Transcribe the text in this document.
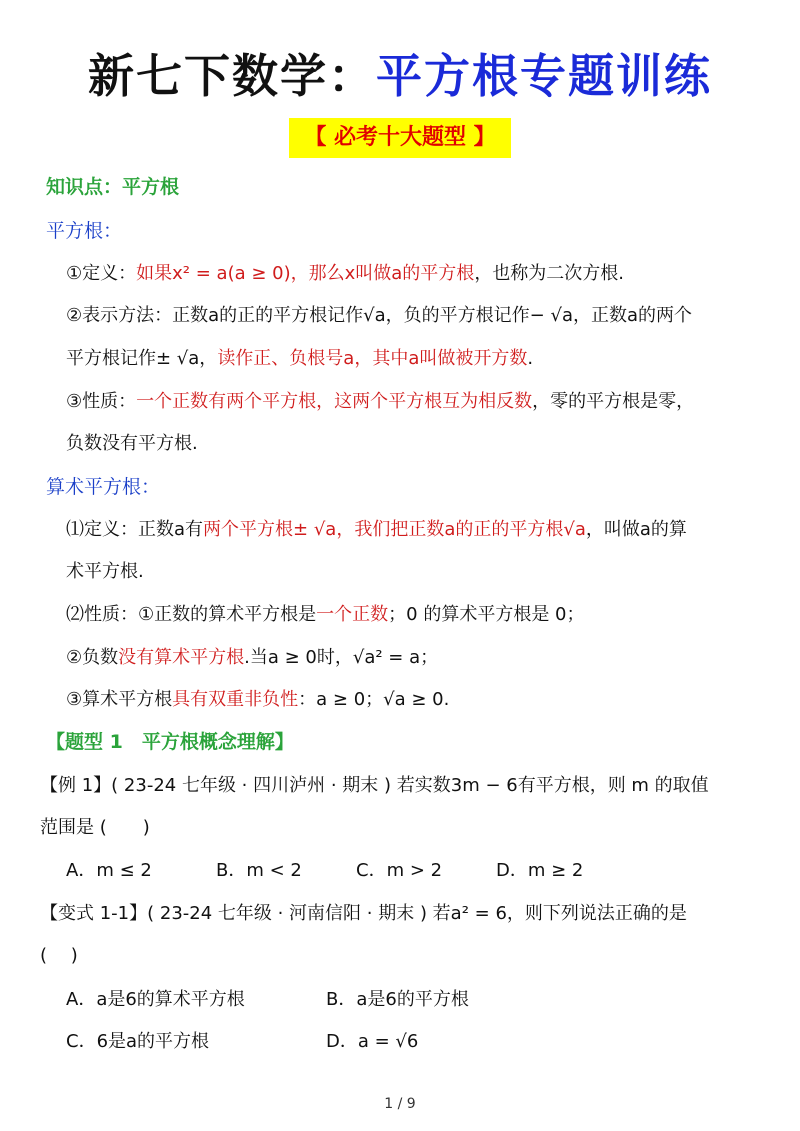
新七下数学：平方根专题训练
【 必考十大题型 】
知识点：平方根
平方根：
①定义：如果x² = a(a ≥ 0)，那么x叫做a的平方根，也称为二次方根.
②表示方法：正数a的正的平方根记作√a，负的平方根记作− √a，正数a的两个
平方根记作± √a，读作正、负根号a，其中a叫做被开方数.
③性质：一个正数有两个平方根，这两个平方根互为相反数，零的平方根是零，
负数没有平方根.
算术平方根：
⑴定义：正数a有两个平方根± √a，我们把正数a的正的平方根√a，叫做a的算
术平方根.
⑵性质：①正数的算术平方根是一个正数；0 的算术平方根是 0；
②负数没有算术平方根.当a ≥ 0时，√a² = a；
③算术平方根具有双重非负性：a ≥ 0；√a ≥ 0.
【题型 1　平方根概念理解】
【例 1】( 23-24 七年级 · 四川泸州 · 期末 ) 若实数3m − 6有平方根，则 m 的取值
范围是 (　　)
A．m ≤ 2	B．m < 2	C．m > 2	D．m ≥ 2
【变式 1-1】( 23-24 七年级 · 河南信阳 · 期末 ) 若a² = 6，则下列说法正确的是
(　 )
A．a是6的算术平方根	B．a是6的平方根
C．6是a的平方根	D．a = √6
1 / 9
